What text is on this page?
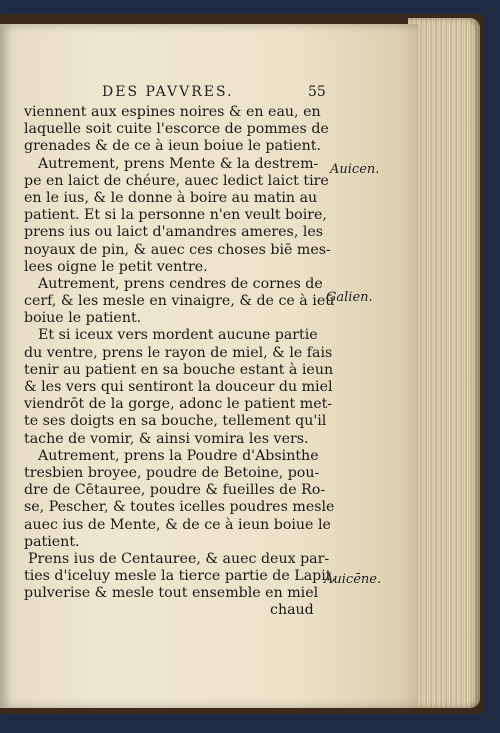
DES PAVVRES.	55
viennent aux espines noires & en eau, en
laquelle soit cuite l'escorce de pommes de
grenades & de ce à ieun boiue le patient.
Autrement, prens Mente & la destrem-
pe en laict de chéure, auec ledict laict tire
en le ius, & le donne à boire au matin au
patient. Et si la personne n'en veult boire,
prens ius ou laict d'amandres ameres, les
noyaux de pin, & auec ces choses biē mes-
lees oigne le petit ventre.
Autrement, prens cendres de cornes de
cerf, & les mesle en vinaigre, & de ce à ieū
boiue le patient.
Et si iceux vers mordent aucune partie
du ventre, prens le rayon de miel, & le fais
tenir au patient en sa bouche estant à ieun
& les vers qui sentiront la douceur du miel
viendrōt de la gorge, adonc le patient met-
te ses doigts en sa bouche, tellement qu'il
tache de vomir, & ainsi vomira les vers.
Autrement, prens la Poudre d'Absinthe
tresbien broyee, poudre de Betoine, pou-
dre de Cētauree, poudre & fueilles de Ro-
se, Pescher, & toutes icelles poudres mesle
auec ius de Mente, & de ce à ieun boiue le
patient.
Prens ius de Centauree, & auec deux par-
ties d'iceluy mesle la tierce partie de Lapit,
pulverise & mesle tout ensemble en miel
chaud
Auicen.
Galien.
Auicēne.
